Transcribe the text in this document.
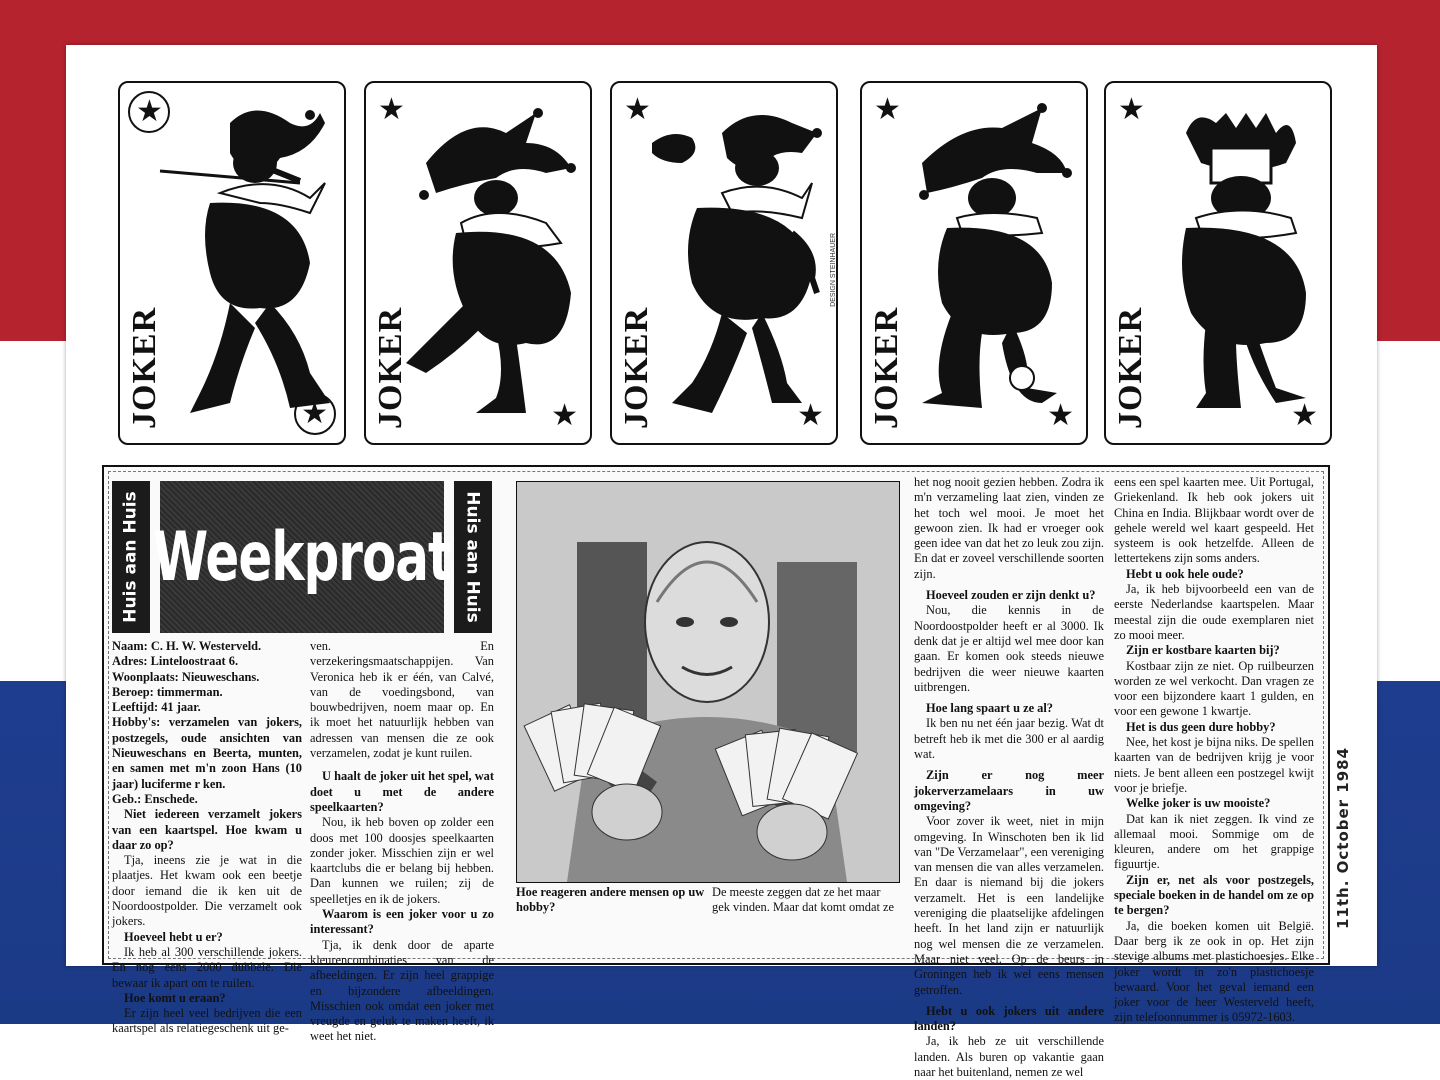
★
JOKER	★
★
JOKER	★
★
DESIGN STEINHAUER
JOKER	★
★
JOKER	★
★
JOKER	★
Huis aan Huis Weekproat Huis aan Huis

Naam: C. H. W. Westerveld.

Adres: Linteloostraat 6.

Woonplaats: Nieuweschans.

Beroep: timmerman.

Leeftijd: 41 jaar.

Hobby's: verzamelen van jokers, postzegels, oude ansichten van Nieuweschans en Beerta, munten, en samen met m'n zoon Hans (10 jaar) luciferme r ken.

Geb.: Enschede.

Niet iedereen verzamelt jokers van een kaartspel. Hoe kwam u daar zo op?

Tja, ineens zie je wat in die plaatjes. Het kwam ook een beetje door iemand die ik ken uit de Noordoostpolder. Die verzamelt ook jokers.

Hoeveel hebt u er?

Ik heb al 300 verschillende jokers. En nog eens 2000 dubbele. Die bewaar ik apart om te ruilen.

Hoe komt u eraan?

Er zijn heel veel bedrijven die een kaartspel als relatiegeschenk uit ge-

ven. En verzekeringsmaatschappijen. Van Veronica heb ik er één, van Calvé, van de voedingsbond, van bouwbedrijven, noem maar op. En ik moet het natuurlijk hebben van adressen van mensen die ze ook verzamelen, zodat je kunt ruilen.

U haalt de joker uit het spel, wat doet u met de andere speelkaarten?

Nou, ik heb boven op zolder een doos met 100 doosjes speelkaarten zonder joker. Misschien zijn er wel kaartclubs die er belang bij hebben. Dan kunnen we ruilen; zij de speelletjes en ik de jokers.

Waarom is een joker voor u zo interessant?

Tja, ik denk door de aparte kleurencombinaties van de afbeeldingen. Er zijn heel grappige en bijzondere afbeeldingen. Misschien ook omdat een joker met vreugde en geluk te maken heeft, ik weet het niet.

Hoe reageren andere mensen op uw hobby?
De meeste zeggen dat ze het maar gek vinden. Maar dat komt omdat ze

het nog nooit gezien hebben. Zodra ik m'n verzameling laat zien, vinden ze het toch wel mooi. Je moet het gewoon zien. Ik had er vroeger ook geen idee van dat het zo leuk zou zijn. En dat er zoveel verschillende soorten zijn.

Hoeveel zouden er zijn denkt u?

Nou, die kennis in de Noordoostpolder heeft er al 3000. Ik denk dat je er altijd wel mee door kan gaan. Er komen ook steeds nieuwe bedrijven die weer nieuwe kaarten uitbrengen.

Hoe lang spaart u ze al?

Ik ben nu net één jaar bezig. Wat dt betreft heb ik met die 300 er al aardig wat.

Zijn er nog meer jokerverzamelaars in uw omgeving?

Voor zover ik weet, niet in mijn omgeving. In Winschoten ben ik lid van "De Verzamelaar", een vereniging van mensen die van alles verzamelen. En daar is niemand bij die jokers verzamelt. Het is een landelijke vereniging die plaatselijke afdelingen heeft. In het land zijn er natuurlijk nog wel mensen die ze verzamelen. Maar niet veel. Op de beurs in Groningen heb ik wel eens mensen getroffen.

Hebt u ook jokers uit andere landen?

Ja, ik heb ze uit verschillende landen. Als buren op vakantie gaan naar het buitenland, nemen ze wel

eens een spel kaarten mee. Uit Portugal, Griekenland. Ik heb ook jokers uit China en India. Blijkbaar wordt over de gehele wereld wel kaart gespeeld. Het systeem is ook hetzelfde. Alleen de lettertekens zijn soms anders.

Hebt u ook hele oude?

Ja, ik heb bijvoorbeeld een van de eerste Nederlandse kaartspelen. Maar meestal zijn die oude exemplaren niet zo mooi meer.

Zijn er kostbare kaarten bij?

Kostbaar zijn ze niet. Op ruilbeurzen worden ze wel verkocht. Dan vragen ze voor een bijzondere kaart 1 gulden, en voor een gewone 1 kwartje.

Het is dus geen dure hobby?

Nee, het kost je bijna niks. De spellen kaarten van de bedrijven krijg je voor niets. Je bent alleen een postzegel kwijt voor je briefje.

Welke joker is uw mooiste?

Dat kan ik niet zeggen. Ik vind ze allemaal mooi. Sommige om de kleuren, andere om het grappige figuurtje.

Zijn er, net als voor postzegels, speciale boeken in de handel om ze op te bergen?

Ja, die boeken komen uit België. Daar berg ik ze ook in op. Het zijn stevige albums met plastichoesjes. Elke joker wordt in zo'n plastichoesje bewaard. Voor het geval iemand een joker voor de heer Westerveld heeft, zijn telefoonnummer is 05972-1603.

11th. October 1984
